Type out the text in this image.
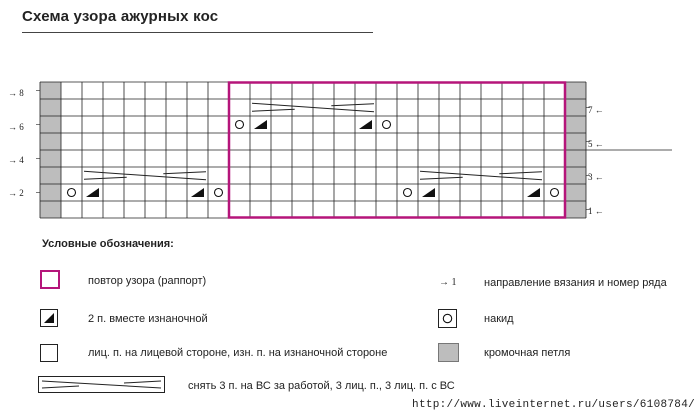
Схема узора ажурных кос
→ 8
→ 6
→ 4
→ 2
7 ←
5 ←
3 ←
1 ←
Условные обозначения:
повтор узора (раппорт)
2 п. вместе изнаночной
лиц. п. на лицевой стороне, изн. п. на изнаночной стороне
снять 3 п. на ВС за работой, 3 лиц. п., 3 лиц. п. с ВС
→ 1	направление вязания и номер ряда
накид
кромочная петля
http://www.liveinternet.ru/users/6108784/
